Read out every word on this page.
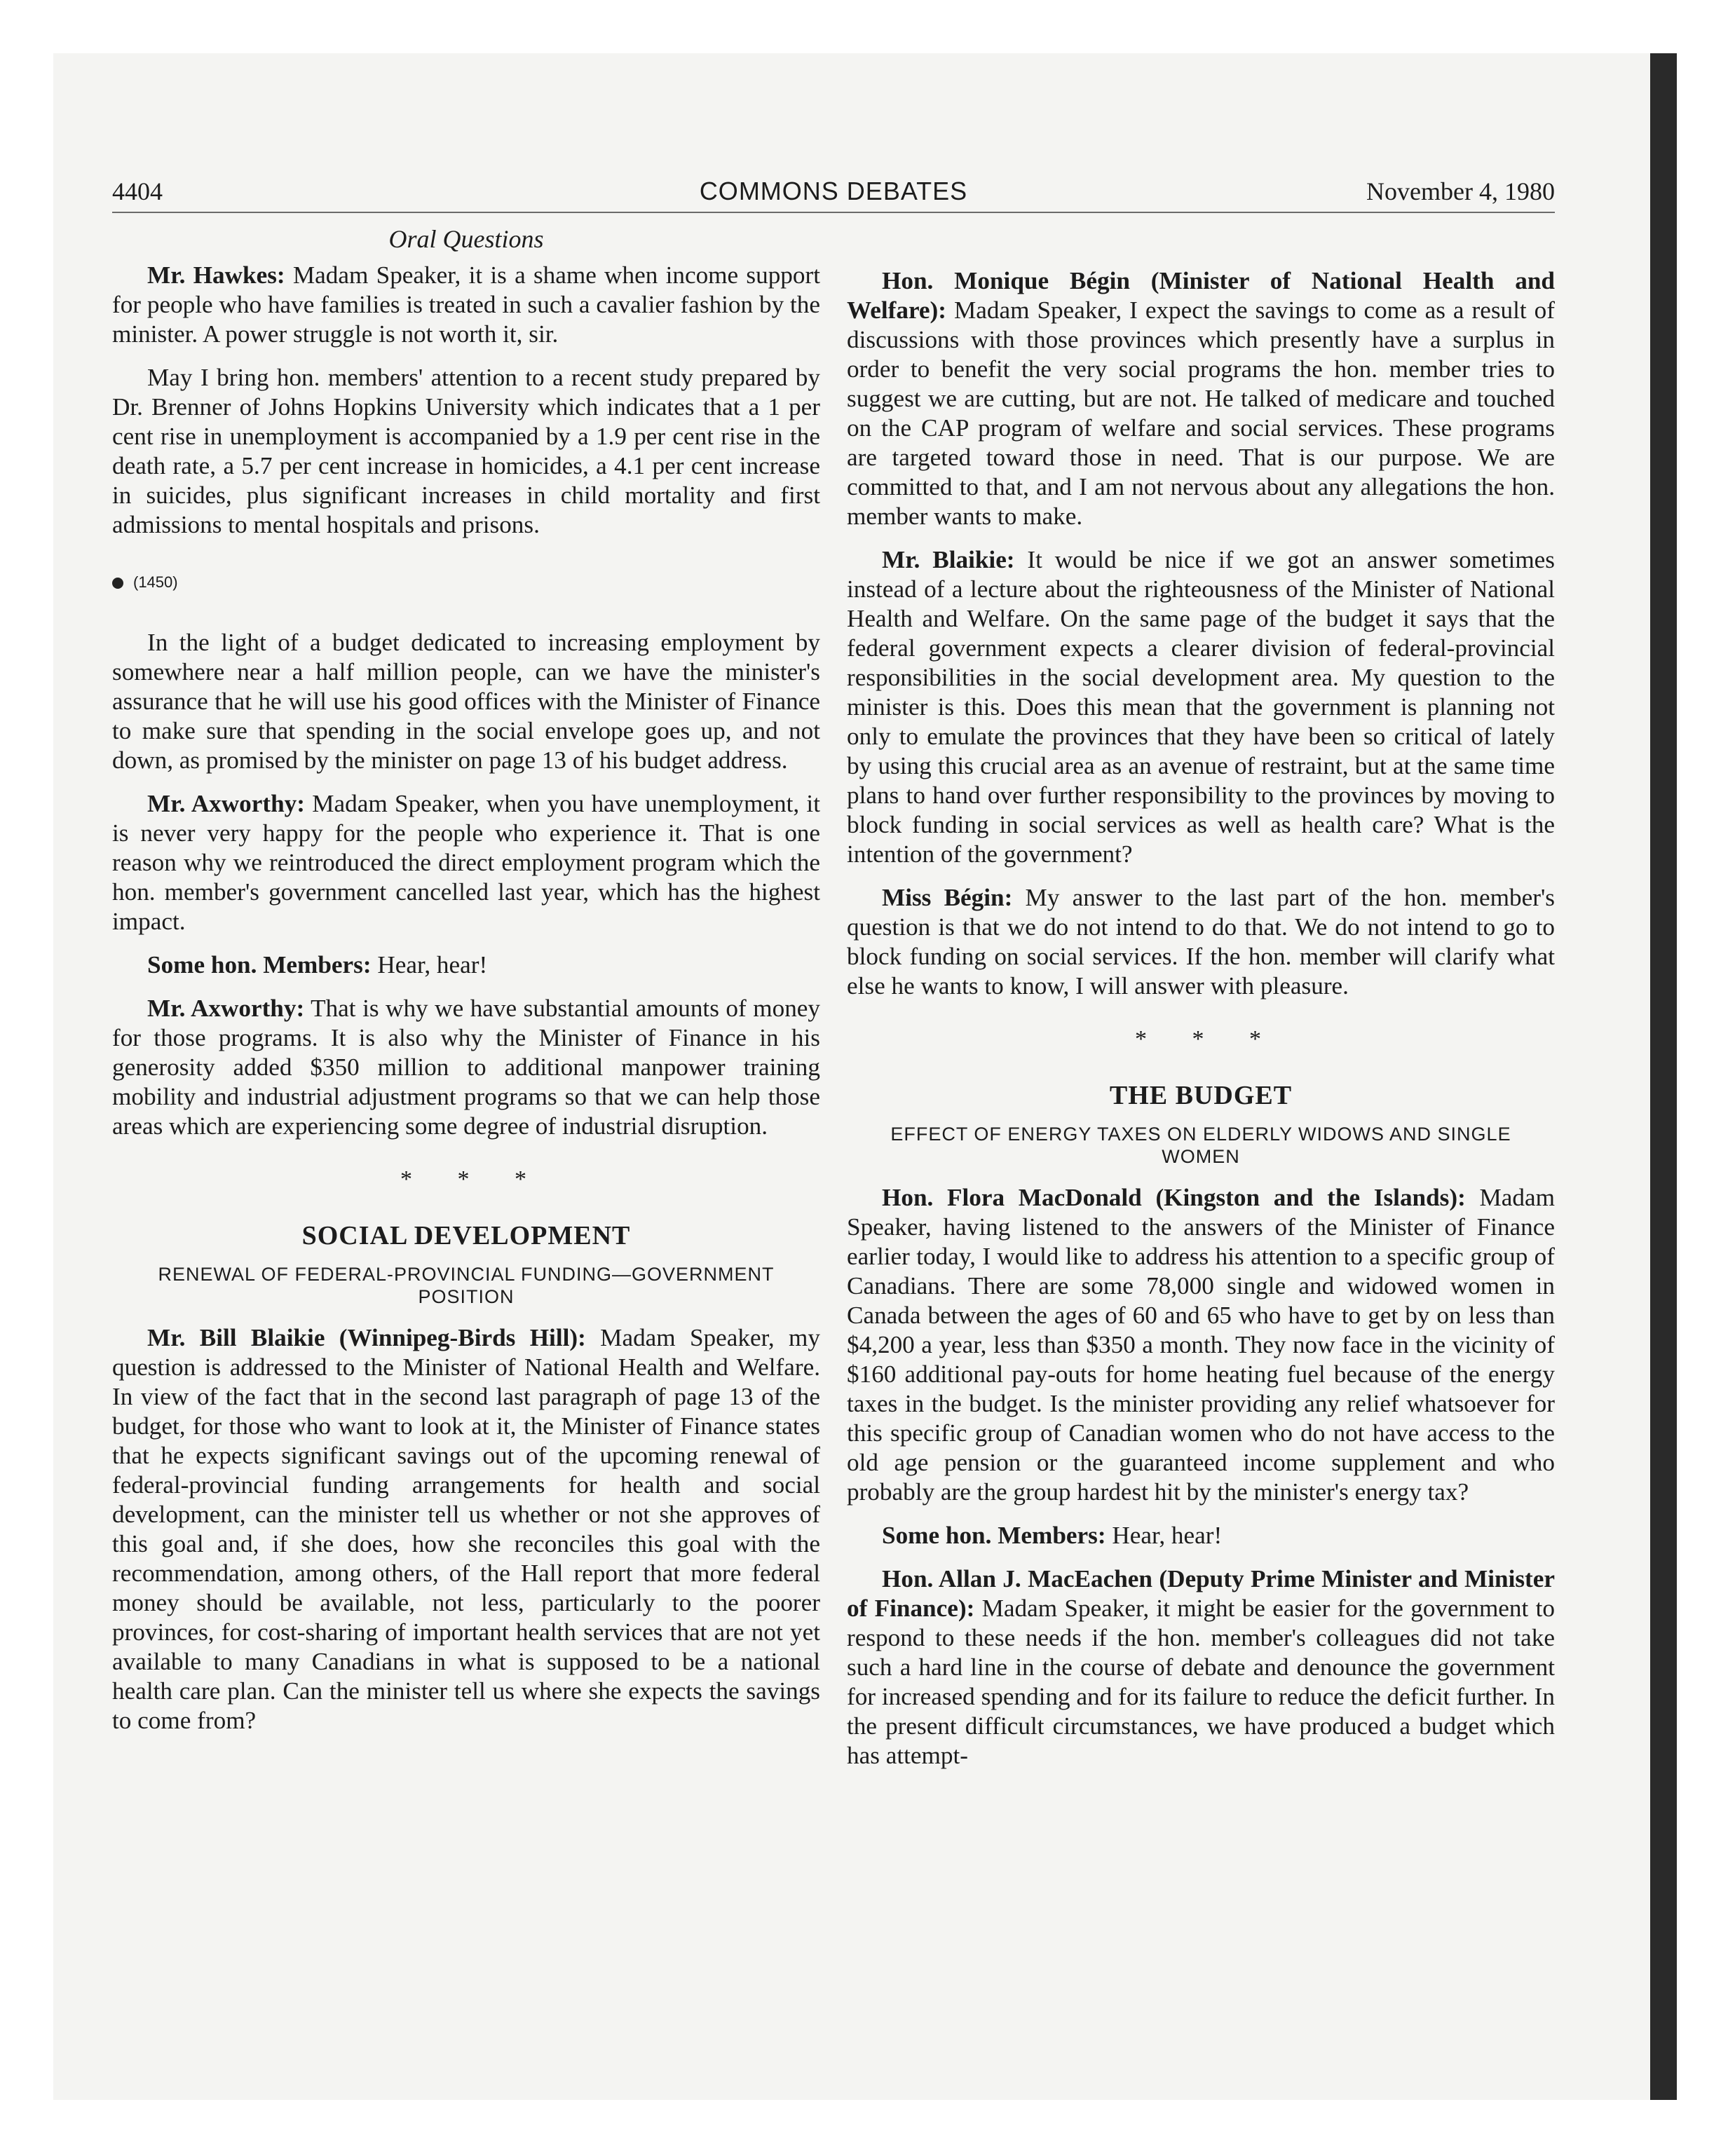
4404	COMMONS DEBATES	November 4, 1980
Oral Questions

Mr. Hawkes: Madam Speaker, it is a shame when income support for people who have families is treated in such a cavalier fashion by the minister. A power struggle is not worth it, sir.

May I bring hon. members' attention to a recent study prepared by Dr. Brenner of Johns Hopkins University which indicates that a 1 per cent rise in unemployment is accompanied by a 1.9 per cent rise in the death rate, a 5.7 per cent increase in homicides, a 4.1 per cent increase in suicides, plus significant increases in child mortality and first admissions to mental hospitals and prisons.

(1450)

In the light of a budget dedicated to increasing employment by somewhere near a half million people, can we have the minister's assurance that he will use his good offices with the Minister of Finance to make sure that spending in the social envelope goes up, and not down, as promised by the minister on page 13 of his budget address.

Mr. Axworthy: Madam Speaker, when you have unemployment, it is never very happy for the people who experience it. That is one reason why we reintroduced the direct employment program which the hon. member's government cancelled last year, which has the highest impact.

Some hon. Members: Hear, hear!

Mr. Axworthy: That is why we have substantial amounts of money for those programs. It is also why the Minister of Finance in his generosity added $350 million to additional manpower training mobility and industrial adjustment programs so that we can help those areas which are experiencing some degree of industrial disruption.

* * *
SOCIAL DEVELOPMENT
RENEWAL OF FEDERAL-PROVINCIAL FUNDING—GOVERNMENT POSITION

Mr. Bill Blaikie (Winnipeg-Birds Hill): Madam Speaker, my question is addressed to the Minister of National Health and Welfare. In view of the fact that in the second last paragraph of page 13 of the budget, for those who want to look at it, the Minister of Finance states that he expects significant savings out of the upcoming renewal of federal-provincial funding arrangements for health and social development, can the minister tell us whether or not she approves of this goal and, if she does, how she reconciles this goal with the recommendation, among others, of the Hall report that more federal money should be available, not less, particularly to the poorer provinces, for cost-sharing of important health services that are not yet available to many Canadians in what is supposed to be a national health care plan. Can the minister tell us where she expects the savings to come from?

Hon. Monique Bégin (Minister of National Health and Welfare): Madam Speaker, I expect the savings to come as a result of discussions with those provinces which presently have a surplus in order to benefit the very social programs the hon. member tries to suggest we are cutting, but are not. He talked of medicare and touched on the CAP program of welfare and social services. These programs are targeted toward those in need. That is our purpose. We are committed to that, and I am not nervous about any allegations the hon. member wants to make.

Mr. Blaikie: It would be nice if we got an answer sometimes instead of a lecture about the righteousness of the Minister of National Health and Welfare. On the same page of the budget it says that the federal government expects a clearer division of federal-provincial responsibilities in the social development area. My question to the minister is this. Does this mean that the government is planning not only to emulate the provinces that they have been so critical of lately by using this crucial area as an avenue of restraint, but at the same time plans to hand over further responsibility to the provinces by moving to block funding in social services as well as health care? What is the intention of the government?

Miss Bégin: My answer to the last part of the hon. member's question is that we do not intend to do that. We do not intend to go to block funding on social services. If the hon. member will clarify what else he wants to know, I will answer with pleasure.

* * *
THE BUDGET
EFFECT OF ENERGY TAXES ON ELDERLY WIDOWS AND SINGLE WOMEN

Hon. Flora MacDonald (Kingston and the Islands): Madam Speaker, having listened to the answers of the Minister of Finance earlier today, I would like to address his attention to a specific group of Canadians. There are some 78,000 single and widowed women in Canada between the ages of 60 and 65 who have to get by on less than $4,200 a year, less than $350 a month. They now face in the vicinity of $160 additional pay-outs for home heating fuel because of the energy taxes in the budget. Is the minister providing any relief whatsoever for this specific group of Canadian women who do not have access to the old age pension or the guaranteed income supplement and who probably are the group hardest hit by the minister's energy tax?

Some hon. Members: Hear, hear!

Hon. Allan J. MacEachen (Deputy Prime Minister and Minister of Finance): Madam Speaker, it might be easier for the government to respond to these needs if the hon. member's colleagues did not take such a hard line in the course of debate and denounce the government for increased spending and for its failure to reduce the deficit further. In the present difficult circumstances, we have produced a budget which has attempt-
